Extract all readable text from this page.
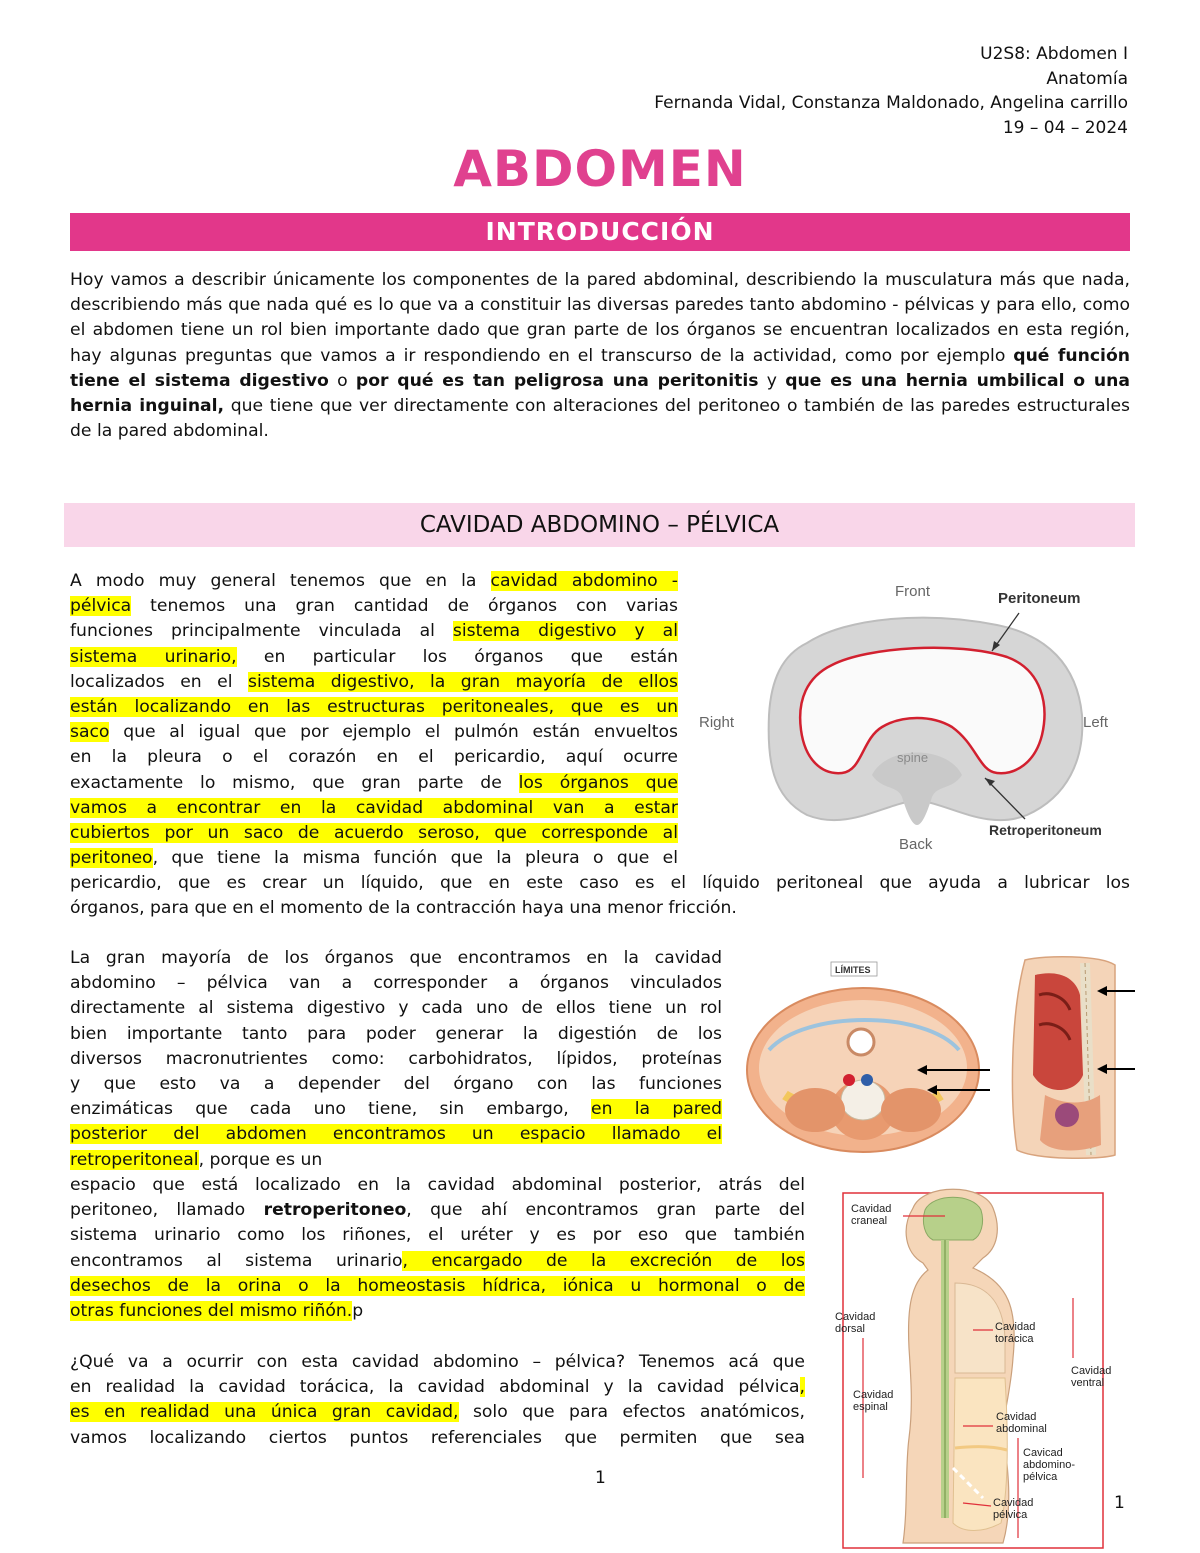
U2S8: Abdomen I
Anatomía
Fernanda Vidal, Constanza Maldonado, Angelina carrillo
19 – 04 – 2024
ABDOMEN
INTRODUCCIÓN
Hoy vamos a describir únicamente los componentes de la pared abdominal, describiendo la musculatura más que nada, describiendo más que nada qué es lo que va a constituir las diversas paredes tanto abdomino - pélvicas y para ello, como el abdomen tiene un rol bien importante dado que gran parte de los órganos se encuentran localizados en esta región, hay algunas preguntas que vamos a ir respondiendo en el transcurso de la actividad, como por ejemplo qué función tiene el sistema digestivo o por qué es tan peligrosa una peritonitis y que es una hernia umbilical o una hernia inguinal, que tiene que ver directamente con alteraciones del peritoneo o también de las paredes estructurales de la pared abdominal.
CAVIDAD ABDOMINO – PÉLVICA
A modo muy general tenemos que en la cavidad abdomino -
pélvica tenemos una gran cantidad de órganos con varias
funciones principalmente vinculada al sistema digestivo y al
sistema urinario, en particular los órganos que están
localizados en el sistema digestivo, la gran mayoría de ellos
están localizando en las estructuras peritoneales, que es un
saco que al igual que por ejemplo el pulmón están envueltos
en la pleura o el corazón en el pericardio, aquí ocurre
exactamente lo mismo, que gran parte de los órganos que
vamos a encontrar en la cavidad abdominal van a estar
cubiertos por un saco de acuerdo seroso, que corresponde al
peritoneo, que tiene la misma función que la pleura o que el
pericardio, que es crear un líquido, que en este caso es el líquido peritoneal que ayuda a lubricar los
órganos, para que en el momento de la contracción haya una menor fricción.
Front
Back
Right	Left
spine
Peritoneum
Retroperitoneum
La gran mayoría de los órganos que encontramos en la cavidad
abdomino – pélvica van a corresponder a órganos vinculados
directamente al sistema digestivo y cada uno de ellos tiene un rol
bien importante tanto para poder generar la digestión de los
diversos macronutrientes como: carbohidratos, lípidos, proteínas
y que esto va a depender del órgano con las funciones
enzimáticas que cada uno tiene, sin embargo, en la pared
posterior del abdomen encontramos un espacio llamado el
retroperitoneal, porque es un
espacio que está localizado en la cavidad abdominal posterior, atrás del
peritoneo, llamado retroperitoneo, que ahí encontramos gran parte del
sistema urinario como los riñones, el uréter y es por eso que también
encontramos al sistema urinario, encargado de la excreción de los
desechos de la orina o la homeostasis hídrica, iónica u hormonal o de
otras funciones del mismo riñón.p
¿Qué va a ocurrir con esta cavidad abdomino – pélvica? Tenemos acá que
en realidad la cavidad torácica, la cavidad abdominal y la cavidad pélvica,
es en realidad una única gran cavidad, solo que para efectos anatómicos,
vamos localizando ciertos puntos referenciales que permiten que sea
LÍMITES
Cavidad craneal
Cavidad dorsal
Cavidad espinal
Cavidad torácica
Cavidad ventral
Cavidad abdominal
Cavicad abdomino-pélvica
Cavidad pélvica
1
1
